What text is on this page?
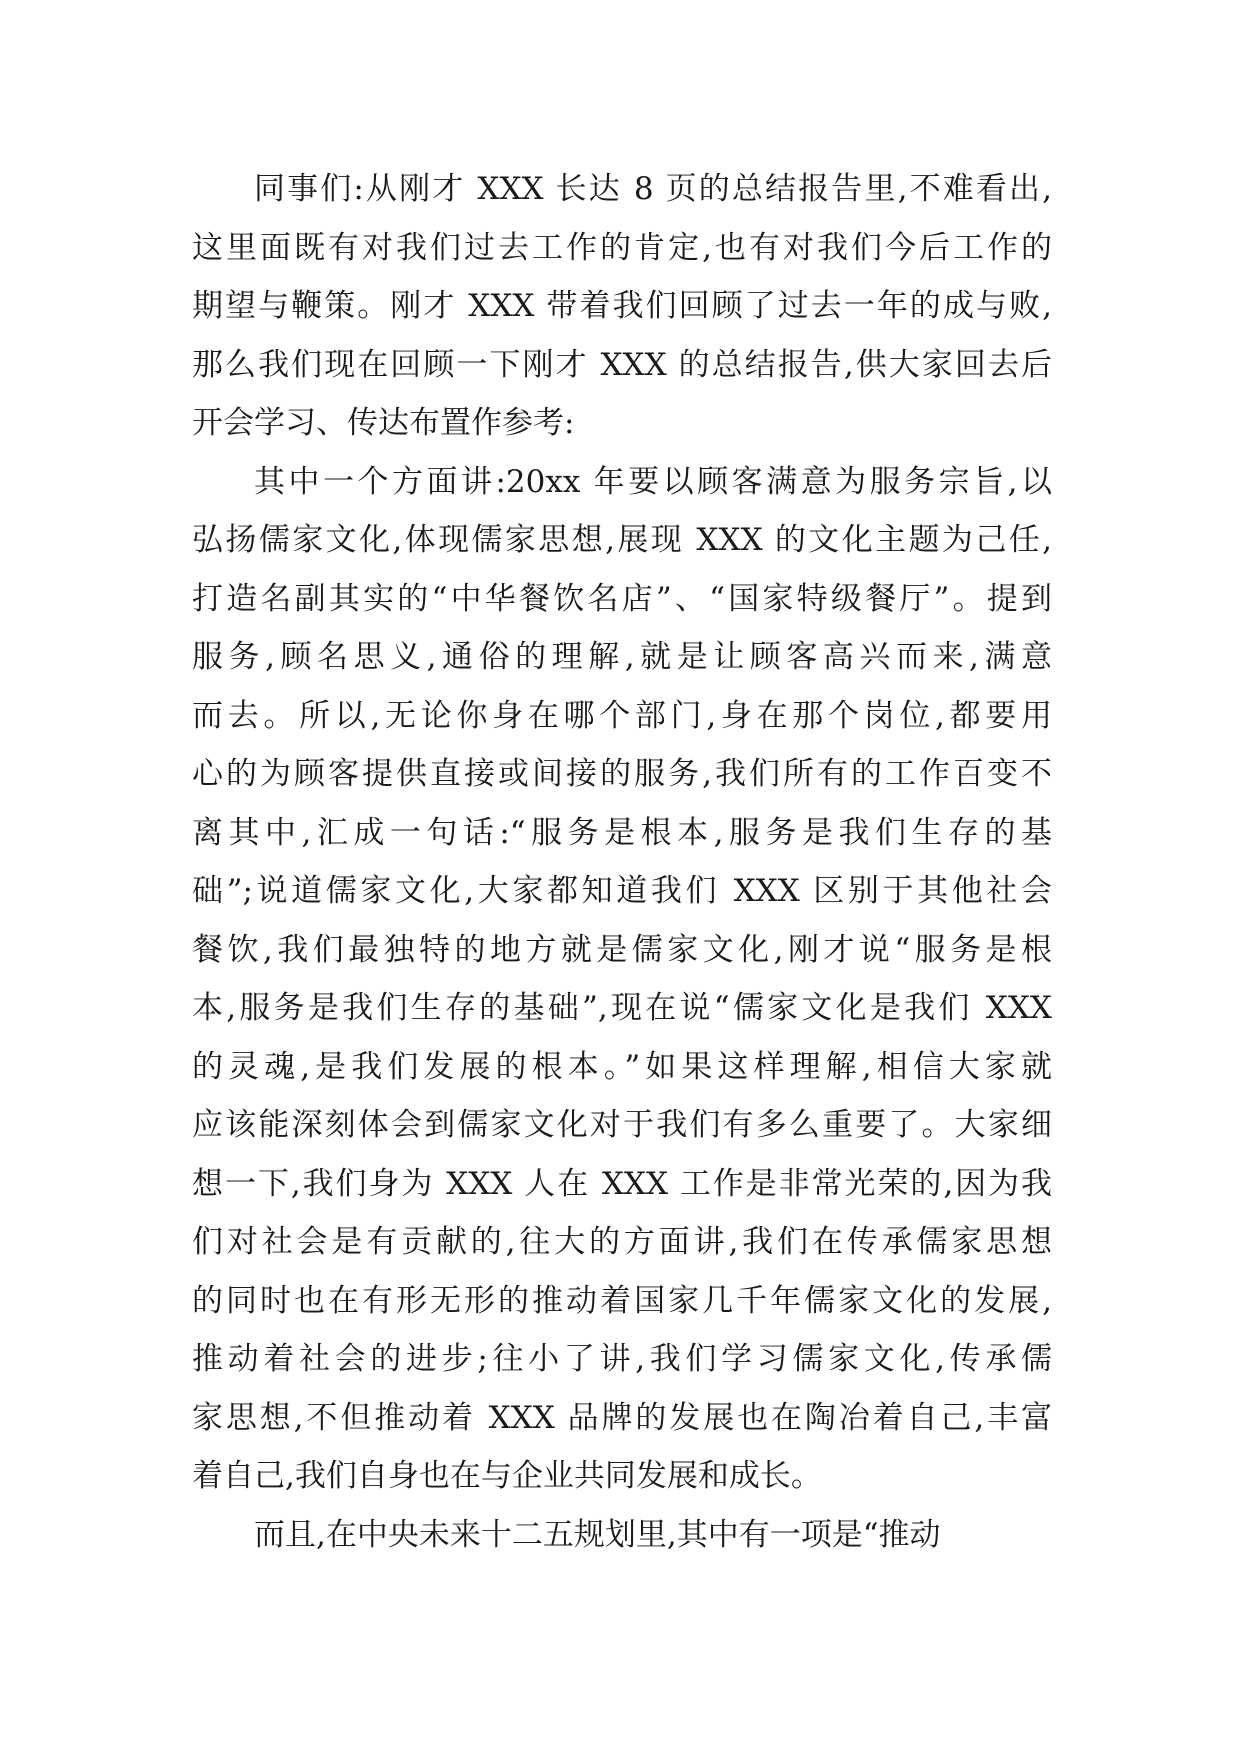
同事们:从刚才 XXX 长达 8 页的总结报告里,不难看出,
这里面既有对我们过去工作的肯定,也有对我们今后工作的
期望与鞭策。刚才 XXX 带着我们回顾了过去一年的成与败,
那么我们现在回顾一下刚才 XXX 的总结报告,供大家回去后
开会学习、传达布置作参考:
其中一个方面讲:20xx 年要以顾客满意为服务宗旨,以
弘扬儒家文化,体现儒家思想,展现 XXX 的文化主题为己任,
打造名副其实的“中华餐饮名店”、“国家特级餐厅”。提到
服务,顾名思义,通俗的理解,就是让顾客高兴而来,满意
而去。所以,无论你身在哪个部门,身在那个岗位,都要用
心的为顾客提供直接或间接的服务,我们所有的工作百变不
离其中,汇成一句话:“服务是根本,服务是我们生存的基
础”;说道儒家文化,大家都知道我们 XXX 区别于其他社会
餐饮,我们最独特的地方就是儒家文化,刚才说“服务是根
本,服务是我们生存的基础”,现在说“儒家文化是我们 XXX
的灵魂,是我们发展的根本。”如果这样理解,相信大家就
应该能深刻体会到儒家文化对于我们有多么重要了。大家细
想一下,我们身为 XXX 人在 XXX 工作是非常光荣的,因为我
们对社会是有贡献的,往大的方面讲,我们在传承儒家思想
的同时也在有形无形的推动着国家几千年儒家文化的发展,
推动着社会的进步;往小了讲,我们学习儒家文化,传承儒
家思想,不但推动着 XXX 品牌的发展也在陶冶着自己,丰富
着自己,我们自身也在与企业共同发展和成长。
而且,在中央未来十二五规划里,其中有一项是“推动
